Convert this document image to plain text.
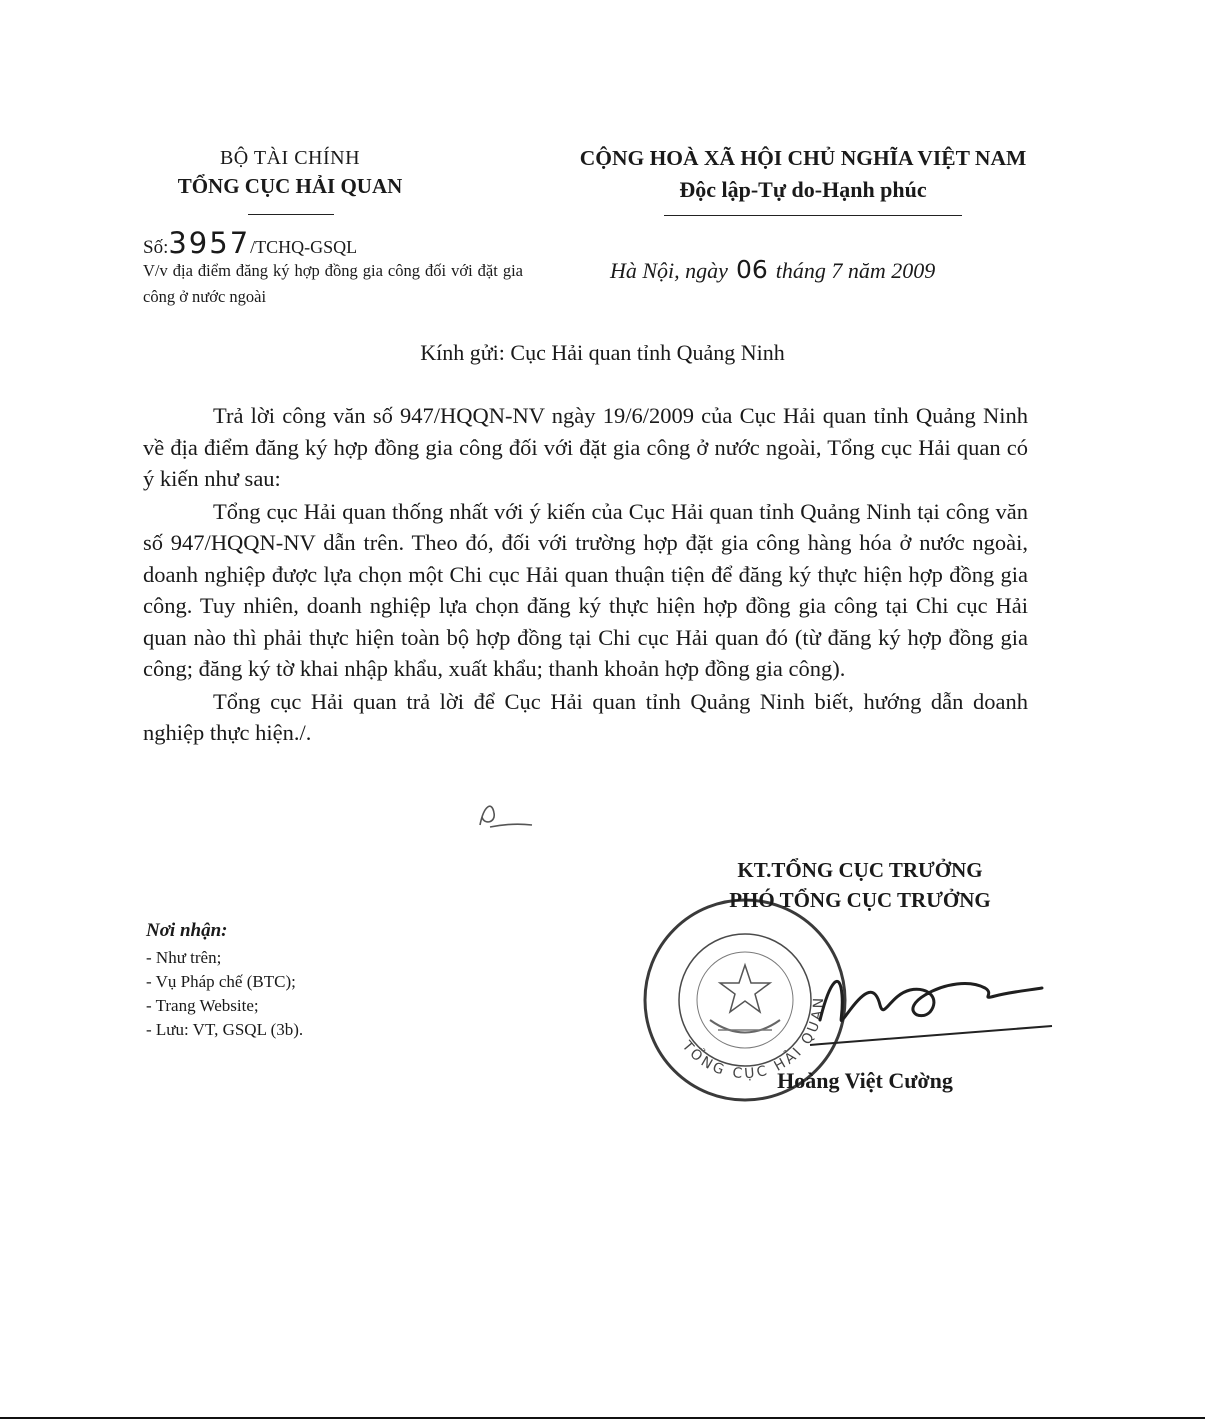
BỘ TÀI CHÍNH
TỔNG CỤC HẢI QUAN
CỘNG HOÀ XÃ HỘI CHỦ NGHĨA VIỆT NAM
Độc lập-Tự do-Hạnh phúc
Số:3957/TCHQ-GSQL
V/v địa điểm đăng ký hợp đồng gia công đối với đặt gia công ở nước ngoài
Hà Nội, ngày 06 tháng 7 năm 2009
Kính gửi: Cục Hải quan tỉnh Quảng Ninh

Trả lời công văn số 947/HQQN-NV ngày 19/6/2009 của Cục Hải quan tỉnh Quảng Ninh về địa điểm đăng ký hợp đồng gia công đối với đặt gia công ở nước ngoài, Tổng cục Hải quan có ý kiến như sau:

Tổng cục Hải quan thống nhất với ý kiến của Cục Hải quan tỉnh Quảng Ninh tại công văn số 947/HQQN-NV dẫn trên. Theo đó, đối với trường hợp đặt gia công hàng hóa ở nước ngoài, doanh nghiệp được lựa chọn một Chi cục Hải quan thuận tiện để đăng ký thực hiện hợp đồng gia công. Tuy nhiên, doanh nghiệp lựa chọn đăng ký thực hiện hợp đồng gia công tại Chi cục Hải quan nào thì phải thực hiện toàn bộ hợp đồng tại Chi cục Hải quan đó (từ đăng ký hợp đồng gia công; đăng ký tờ khai nhập khẩu, xuất khẩu; thanh khoản hợp đồng gia công).

Tổng cục Hải quan trả lời để Cục Hải quan tỉnh Quảng Ninh biết, hướng dẫn doanh nghiệp thực hiện./.

TỔNG CỤC HẢI QUAN
KT.TỔNG CỤC TRƯỞNG
PHÓ TỔNG CỤC TRƯỞNG
Hoàng Việt Cường
Nơi nhận:
- Như trên;
- Vụ Pháp chế (BTC);
- Trang Website;
- Lưu: VT, GSQL (3b).
